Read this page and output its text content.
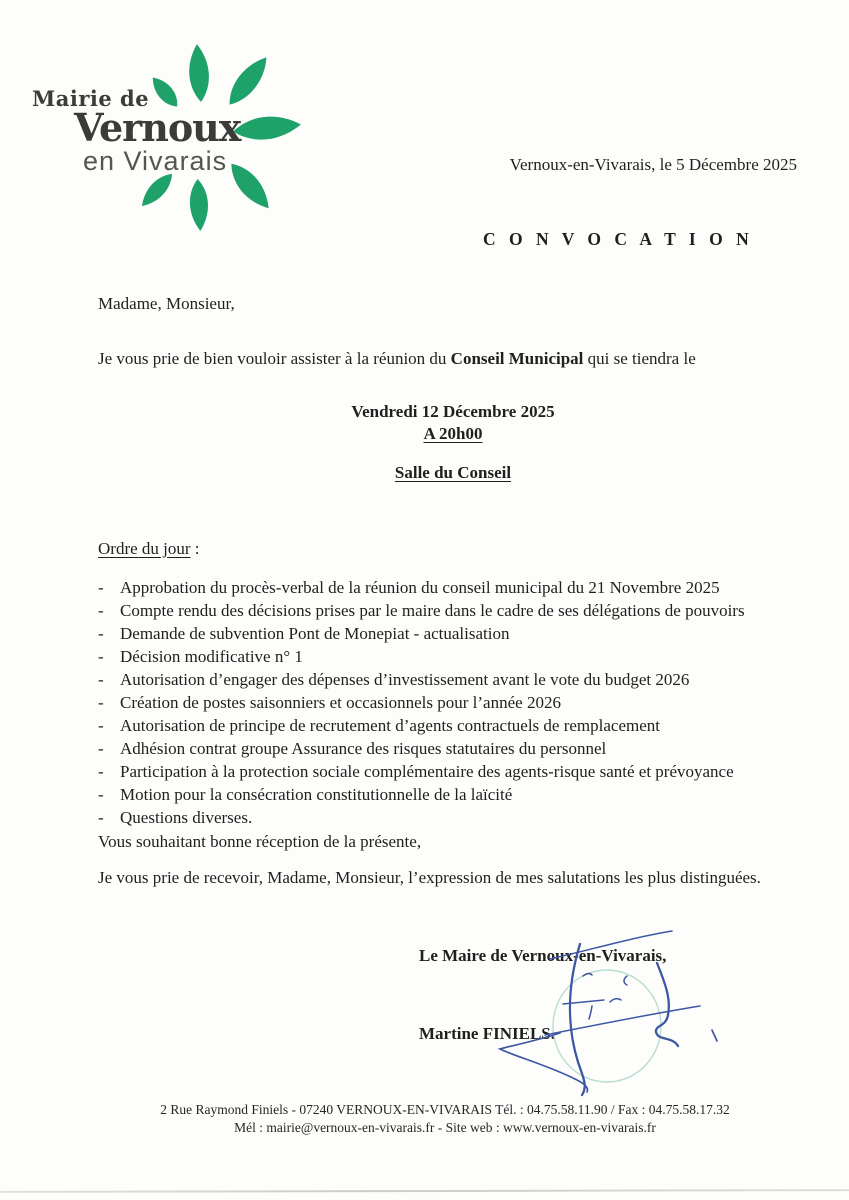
Mairie de
Vernoux
en Vivarais	Vernoux-en-Vivarais, le 5 Décembre 2025
C O N V O C A T I O N
Madame, Monsieur,
Je vous prie de bien vouloir assister à la réunion du Conseil Municipal qui se tiendra le
Vendredi 12 Décembre 2025
A 20h00
Salle du Conseil
Ordre du jour :
- Approbation du procès-verbal de la réunion du conseil municipal du 21 Novembre 2025
- Compte rendu des décisions prises par le maire dans le cadre de ses délégations de pouvoirs
- Demande de subvention Pont de Monepiat - actualisation
- Décision modificative n° 1
- Autorisation d’engager des dépenses d’investissement avant le vote du budget 2026
- Création de postes saisonniers et occasionnels pour l’année 2026
- Autorisation de principe de recrutement d’agents contractuels de remplacement
- Adhésion contrat groupe Assurance des risques statutaires du personnel
- Participation à la protection sociale complémentaire des agents-risque santé et prévoyance
- Motion pour la consécration constitutionnelle de la laïcité
- Questions diverses.
Vous souhaitant bonne réception de la présente,
Je vous prie de recevoir, Madame, Monsieur, l’expression de mes salutations les plus distinguées.
Le Maire de Vernoux-en-Vivarais,
Martine FINIELS.
2 Rue Raymond Finiels - 07240 VERNOUX-EN-VIVARAIS Tél. : 04.75.58.11.90 / Fax : 04.75.58.17.32
Mél : mairie@vernoux-en-vivarais.fr - Site web : www.vernoux-en-vivarais.fr
